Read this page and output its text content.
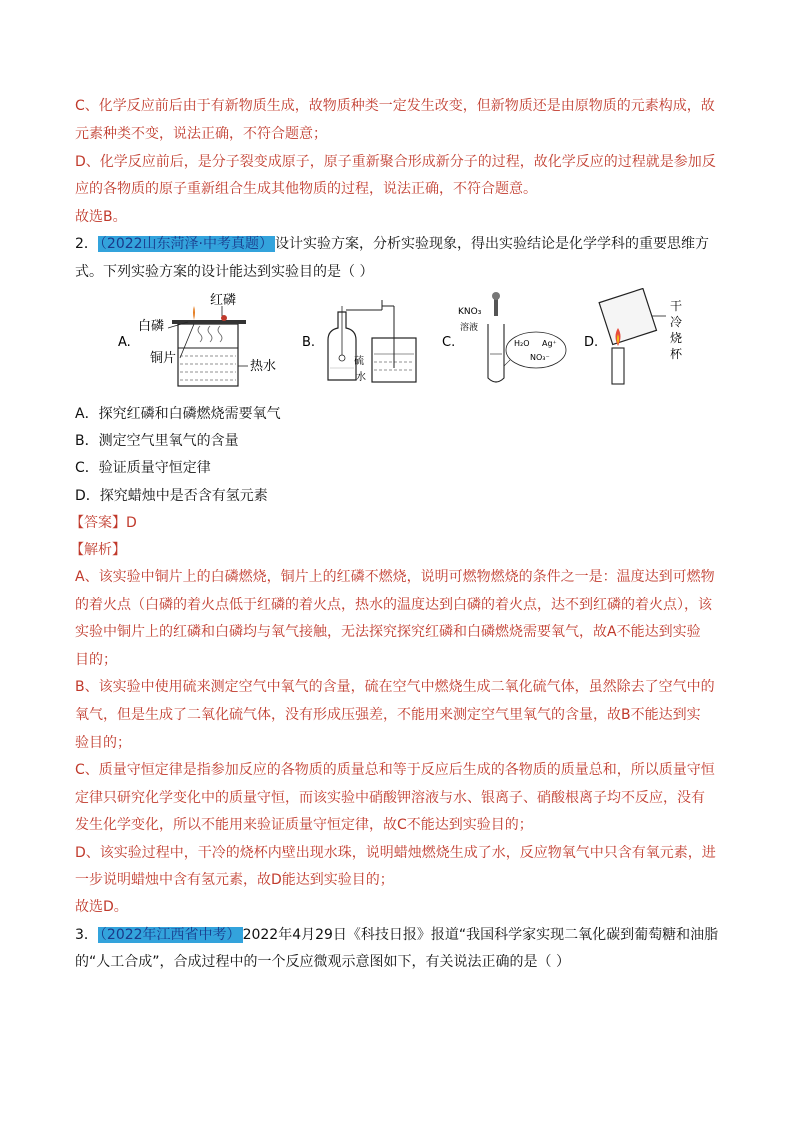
C、化学反应前后由于有新物质生成，故物质种类一定发生改变，但新物质还是由原物质的元素构成，故
元素种类不变，说法正确，不符合题意；
D、化学反应前后，是分子裂变成原子，原子重新聚合形成新分子的过程，故化学反应的过程就是参加反
应的各物质的原子重新组合生成其他物质的过程，说法正确，不符合题意。
故选B。
2． （2022山东菏泽·中考真题） 设计实验方案，分析实验现象，得出实验结论是化学学科的重要思维方
式。下列实验方案的设计能达到实验目的是（ ）
A.
白磷
红磷
铜片
热水
B.
硫
水
C.
KNO₃
溶液
H₂O Ag⁺
NO₃⁻
D.
干 冷 烧 杯
A．探究红磷和白磷燃烧需要氧气
B．测定空气里氧气的含量
C．验证质量守恒定律
D．探究蜡烛中是否含有氢元素
【答案】D
【解析】
A、该实验中铜片上的白磷燃烧，铜片上的红磷不燃烧，说明可燃物燃烧的条件之一是：温度达到可燃物
的着火点（白磷的着火点低于红磷的着火点，热水的温度达到白磷的着火点，达不到红磷的着火点），该
实验中铜片上的红磷和白磷均与氧气接触，无法探究探究红磷和白磷燃烧需要氧气，故A不能达到实验
目的；
B、该实验中使用硫来测定空气中氧气的含量，硫在空气中燃烧生成二氧化硫气体，虽然除去了空气中的
氧气，但是生成了二氧化硫气体，没有形成压强差，不能用来测定空气里氧气的含量，故B不能达到实
验目的；
C、质量守恒定律是指参加反应的各物质的质量总和等于反应后生成的各物质的质量总和，所以质量守恒
定律只研究化学变化中的质量守恒，而该实验中硝酸钾溶液与水、银离子、硝酸根离子均不反应，没有
发生化学变化，所以不能用来验证质量守恒定律，故C不能达到实验目的；
D、该实验过程中，干冷的烧杯内壁出现水珠，说明蜡烛燃烧生成了水，反应物氧气中只含有氧元素，进
一步说明蜡烛中含有氢元素，故D能达到实验目的；
故选D。
3． （2022年江西省中考） 2022年4月29日《科技日报》报道“我国科学家实现二氧化碳到葡萄糖和油脂
的“人工合成”，合成过程中的一个反应微观示意图如下，有关说法正确的是（ ）
